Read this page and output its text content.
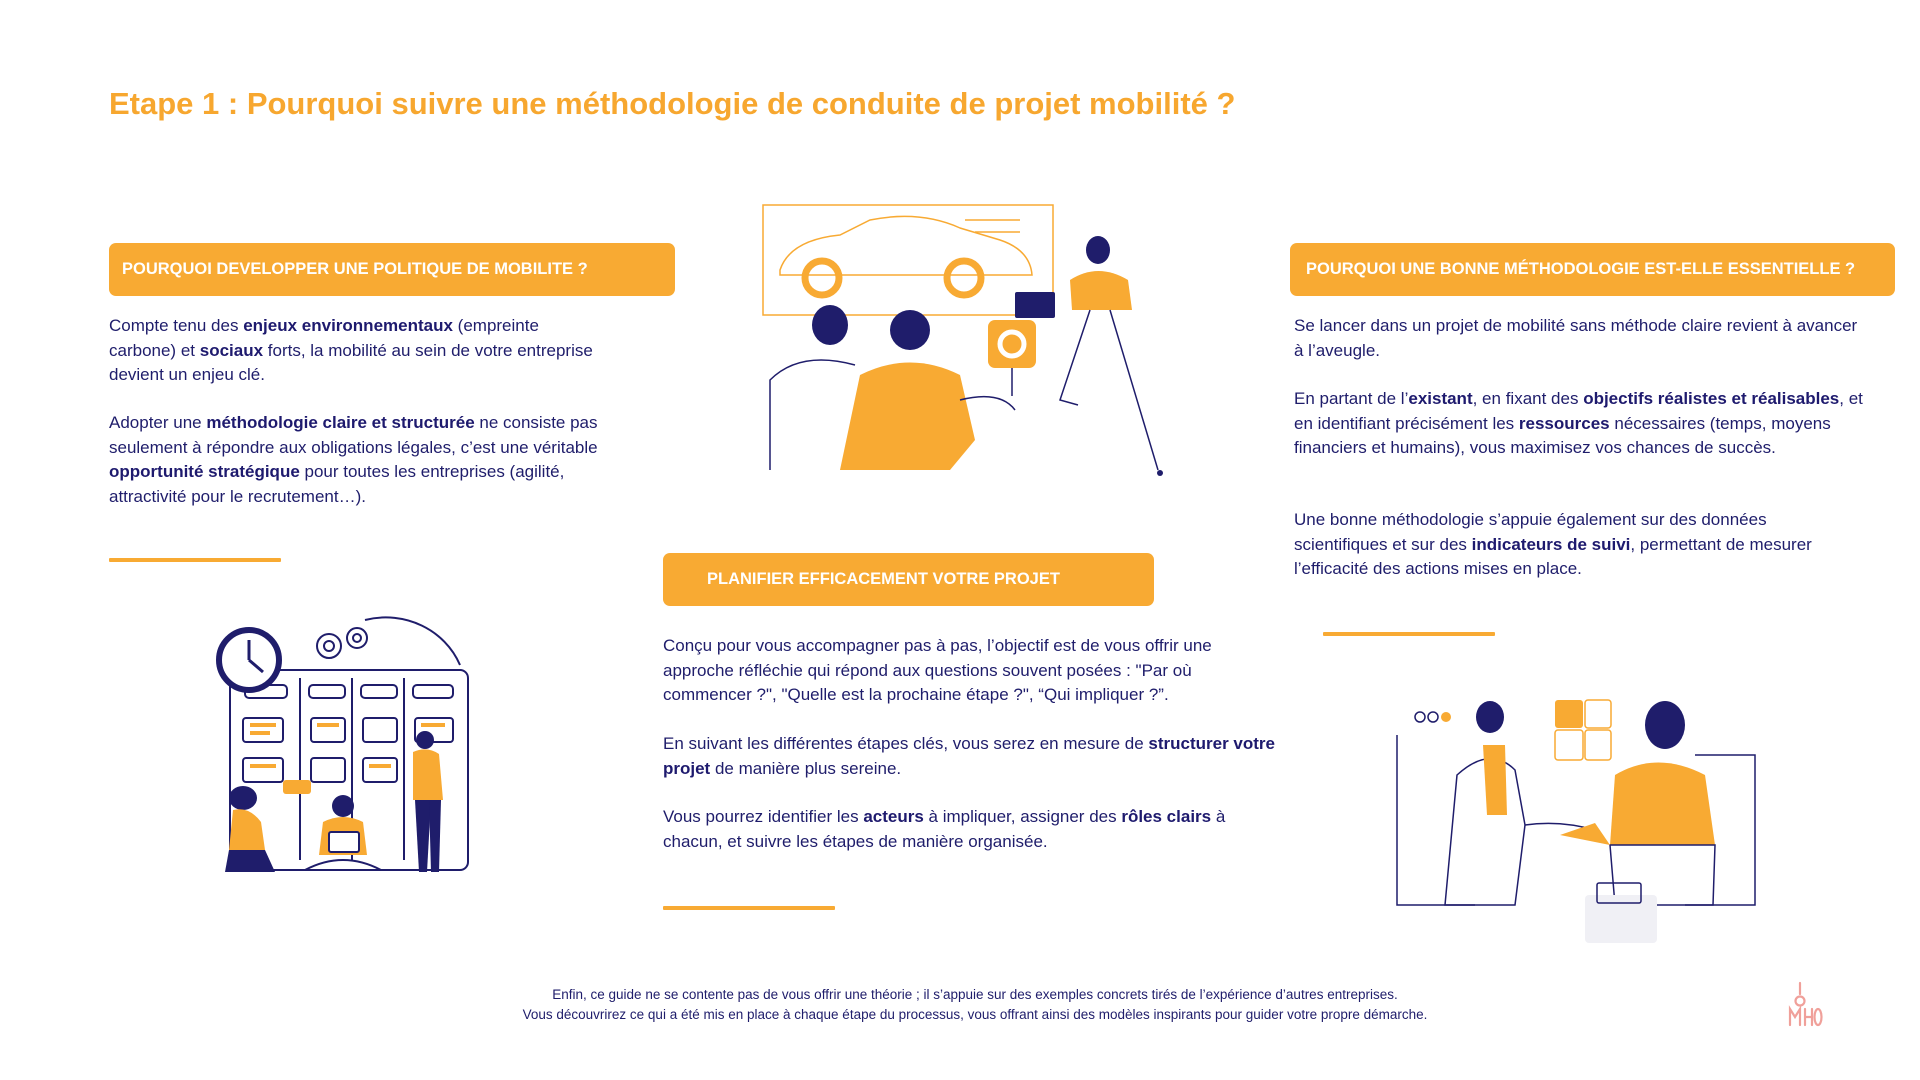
Etape 1 : Pourquoi suivre une méthodologie de conduite de projet mobilité ?
POURQUOI DEVELOPPER UNE POLITIQUE DE MOBILITE ?

Compte tenu des enjeux environnementaux (empreinte carbone) et sociaux forts, la mobilité au sein de votre entreprise devient un enjeu clé.

Adopter une méthodologie claire et structurée ne consiste pas seulement à répondre aux obligations légales, c’est une véritable opportunité stratégique pour toutes les entreprises (agilité, attractivité pour le recrutement…).

PLANIFIER EFFICACEMENT VOTRE PROJET

Conçu pour vous accompagner pas à pas, l’objectif est de vous offrir une approche réfléchie qui répond aux questions souvent posées : "Par où commencer ?", "Quelle est la prochaine étape ?", “Qui impliquer ?”.

En suivant les différentes étapes clés, vous serez en mesure de structurer votre projet de manière plus sereine.

Vous pourrez identifier les acteurs à impliquer, assigner des rôles clairs à chacun, et suivre les étapes de manière organisée.

POURQUOI UNE BONNE MÉTHODOLOGIE EST-ELLE ESSENTIELLE ?

Se lancer dans un projet de mobilité sans méthode claire revient à avancer à l’aveugle.

En partant de l’existant, en fixant des objectifs réalistes et réalisables, et en identifiant précisément les ressources nécessaires (temps, moyens financiers et humains), vous maximisez vos chances de succès.

Une bonne méthodologie s’appuie également sur des données scientifiques et sur des indicateurs de suivi, permettant de mesurer l’efficacité des actions mises en place.

Enfin, ce guide ne se contente pas de vous offrir une théorie ; il s’appuie sur des exemples concrets tirés de l’expérience d’autres entreprises.
Vous découvrirez ce qui a été mis en place à chaque étape du processus, vous offrant ainsi des modèles inspirants pour guider votre propre démarche.
